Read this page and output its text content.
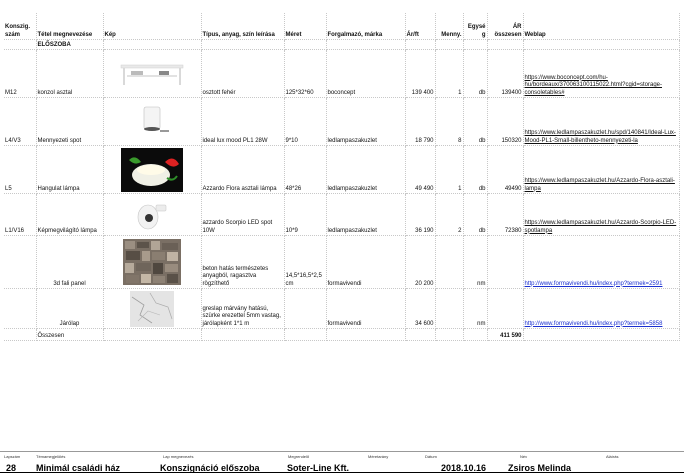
Konszig. szám	Tétel megnevezése	Kép	Típus, anyag, szín leírása	Méret	Forgalmazó, márka	Ár/ft	Menny.	Egység	ÁR összesen	Weblap
	ELŐSZOBA									
M12	konzol asztal		osztott fehér	125*32*60	boconcept	139 400	1	db	139400	https://www.boconcept.com/hu-hu/bordeaux/3700631001150​22.html?cgid=storage-consoletables#
L4/V3	Mennyezeti spot		ideal lux mood PL1 28W	9*10	ledlampaszakuzlet	18 790	8	db	150320	https://www.ledlampaszakuzlet.hu/spd/140841/Ideal-Lux-Mood-PL1-Small-billentheto-mennyezeti-la
L5	Hangulat lámpa		Azzardo Flora asztali lámpa	48*26	ledlampaszakuzlet	49 490	1	db	49490	https://www.ledlampaszakuzlet.hu/Azzardo-Flora-asztali-lampa
L1/V16	Képmegvilágító lámpa		azzardo Scorpio LED spot 10W	10*9	ledlampaszakuzlet	36 190	2	db	72380	https://www.ledlampaszakuzlet.hu/Azzardo-Scorpio-LED-spotlampa
	3d fali panel		beton hatás természetes anyagból, ragasztva rögzíthető	14,5*16,5*2,5 cm	formavivendi	20 200		nm		http://www.formavivendi.hu/index.php?termek=2591
	Járólap		greslap márvány hatású, szürke erezettel 5mm vastag, járólapként 1*1 m		formavivendi	34 600		nm		http://www.formavivendi.hu/index.php?termek=5858
	Összesen								411 590	
Lapszám	Témamegjelölés	Lap megnevezés	Megrendelő	Méretarány	Dátum	Név	Aláírás
28 Minimál családi ház	Konszignáció előszoba	Soter-Line Kft.	2018.10.16 Zsiros Melinda
